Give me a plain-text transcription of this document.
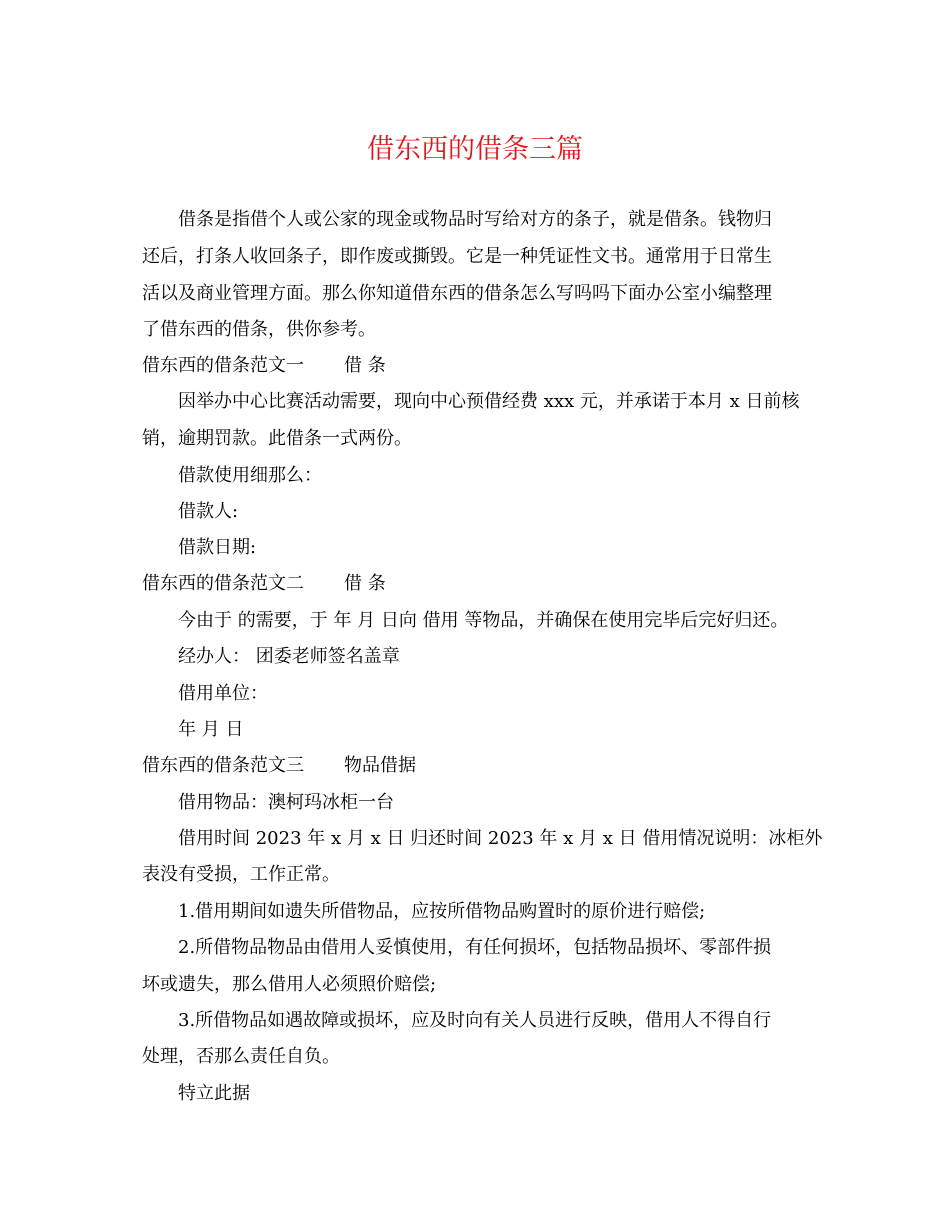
借东西的借条三篇
借条是指借个人或公家的现金或物品时写给对方的条子，就是借条。钱物归
还后，打条人收回条子，即作废或撕毁。它是一种凭证性文书。通常用于日常生
活以及商业管理方面。那么你知道借东西的借条怎么写吗吗下面办公室小编整理
了借东西的借条，供你参考。
借东西的借条范文一 借 条
因举办中心比赛活动需要，现向中心预借经费 xxx 元，并承诺于本月 x 日前核
销，逾期罚款。此借条一式两份。
借款使用细那么：
借款人:
借款日期:
借东西的借条范文二 借 条
今由于 的需要，于 年 月 日向 借用 等物品，并确保在使用完毕后完好归还。
经办人： 团委老师签名盖章
借用单位：
年 月 日
借东西的借条范文三 物品借据
借用物品：澳柯玛冰柜一台
借用时间 2023 年 x 月 x 日 归还时间 2023 年 x 月 x 日 借用情况说明：冰柜外
表没有受损，工作正常。
1.借用期间如遗失所借物品，应按所借物品购置时的原价进行赔偿;
2.所借物品物品由借用人妥慎使用，有任何损坏，包括物品损坏、零部件损
坏或遗失，那么借用人必须照价赔偿;
3.所借物品如遇故障或损坏，应及时向有关人员进行反映，借用人不得自行
处理，否那么责任自负。
特立此据
